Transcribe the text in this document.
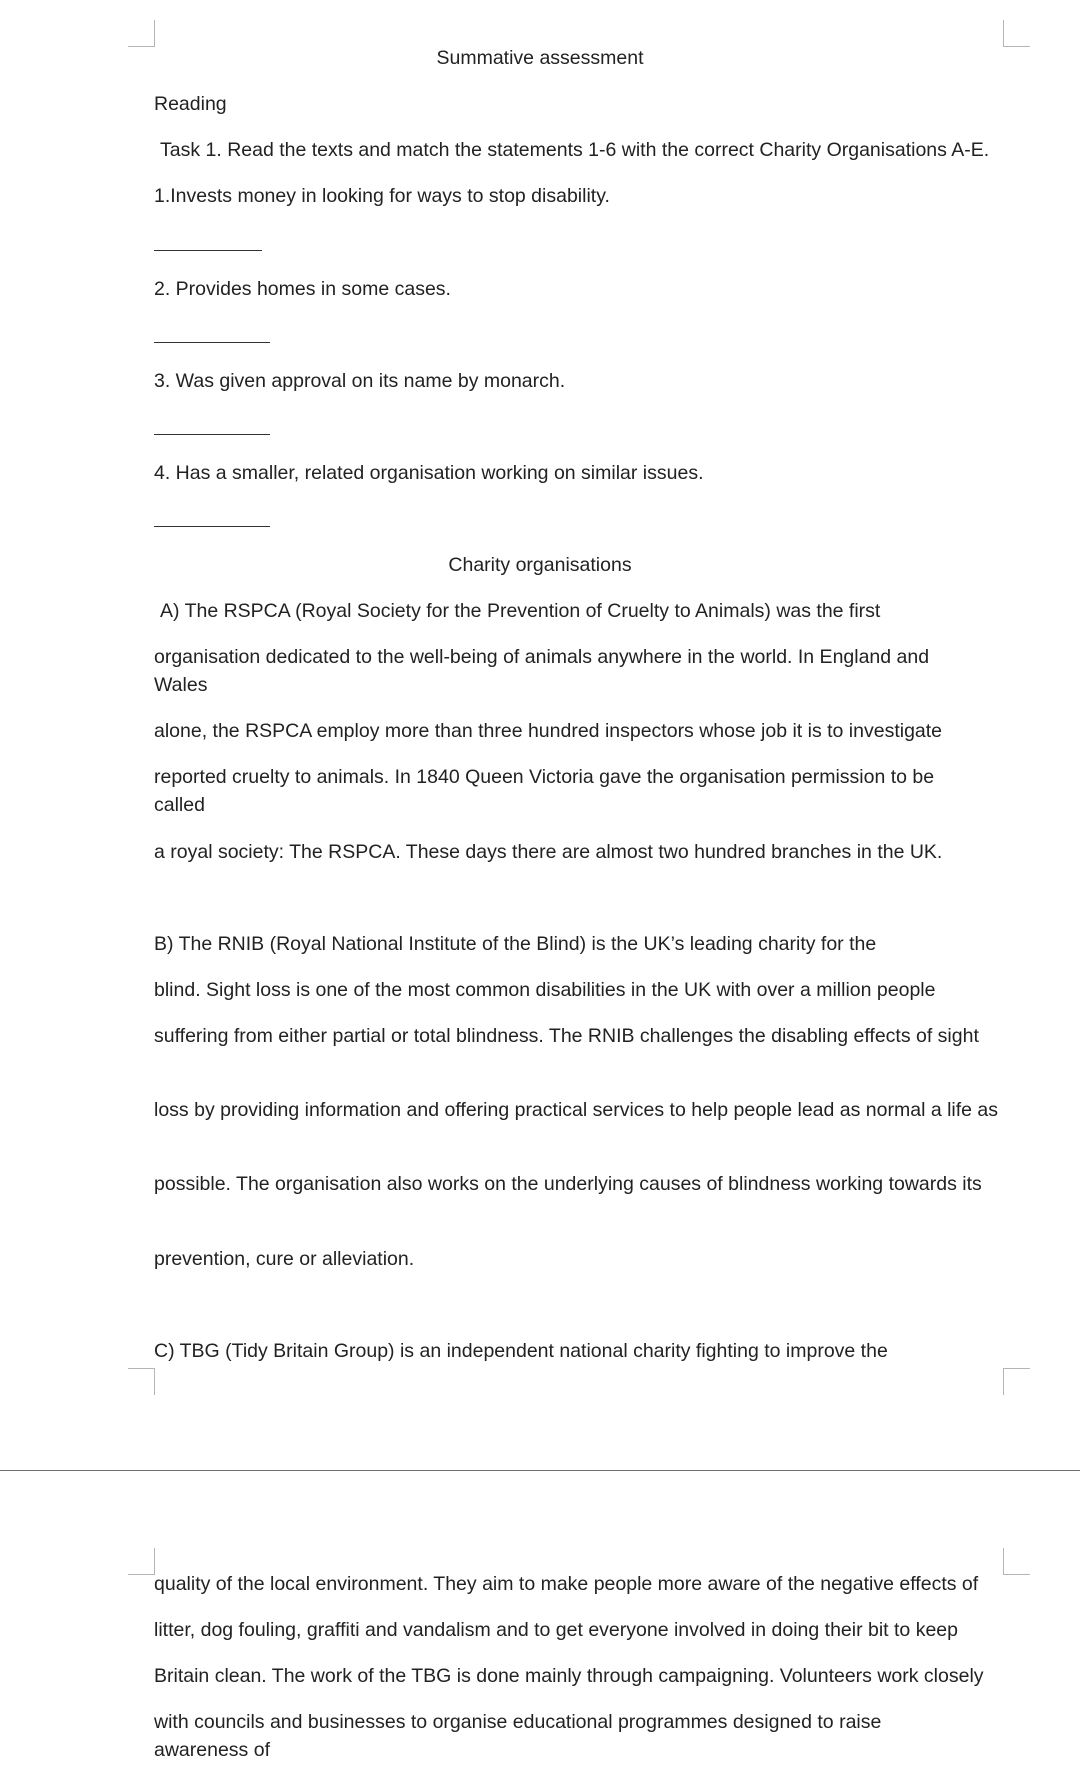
Summative assessment
Reading
Task 1. Read the texts and match the statements 1-6 with the correct Charity Organisations A-E.
1.Invests money in looking for ways to stop disability.
2. Provides homes in some cases.
3. Was given approval on its name by monarch.
4. Has a smaller, related organisation working on similar issues.
Charity organisations
A) The RSPCA (Royal Society for the Prevention of Cruelty to Animals) was the first
organisation dedicated to the well-being of animals anywhere in the world. In England and Wales
alone, the RSPCA employ more than three hundred inspectors whose job it is to investigate
reported cruelty to animals. In 1840 Queen Victoria gave the organisation permission to be called
a royal society: The RSPCA. These days there are almost two hundred branches in the UK.
B) The RNIB (Royal National Institute of the Blind) is the UK’s leading charity for the
blind. Sight loss is one of the most common disabilities in the UK with over a million people
suffering from either partial or total blindness. The RNIB challenges the disabling effects of sight
loss by providing information and offering practical services to help people lead as normal a life as
possible. The organisation also works on the underlying causes of blindness working towards its
prevention, cure or alleviation.
C) TBG (Tidy Britain Group) is an independent national charity fighting to improve the
quality of the local environment. They aim to make people more aware of the negative effects of
litter, dog fouling, graffiti and vandalism and to get everyone involved in doing their bit to keep
Britain clean. The work of the TBG is done mainly through campaigning. Volunteers work closely
with councils and businesses to organise educational programmes designed to raise awareness of
